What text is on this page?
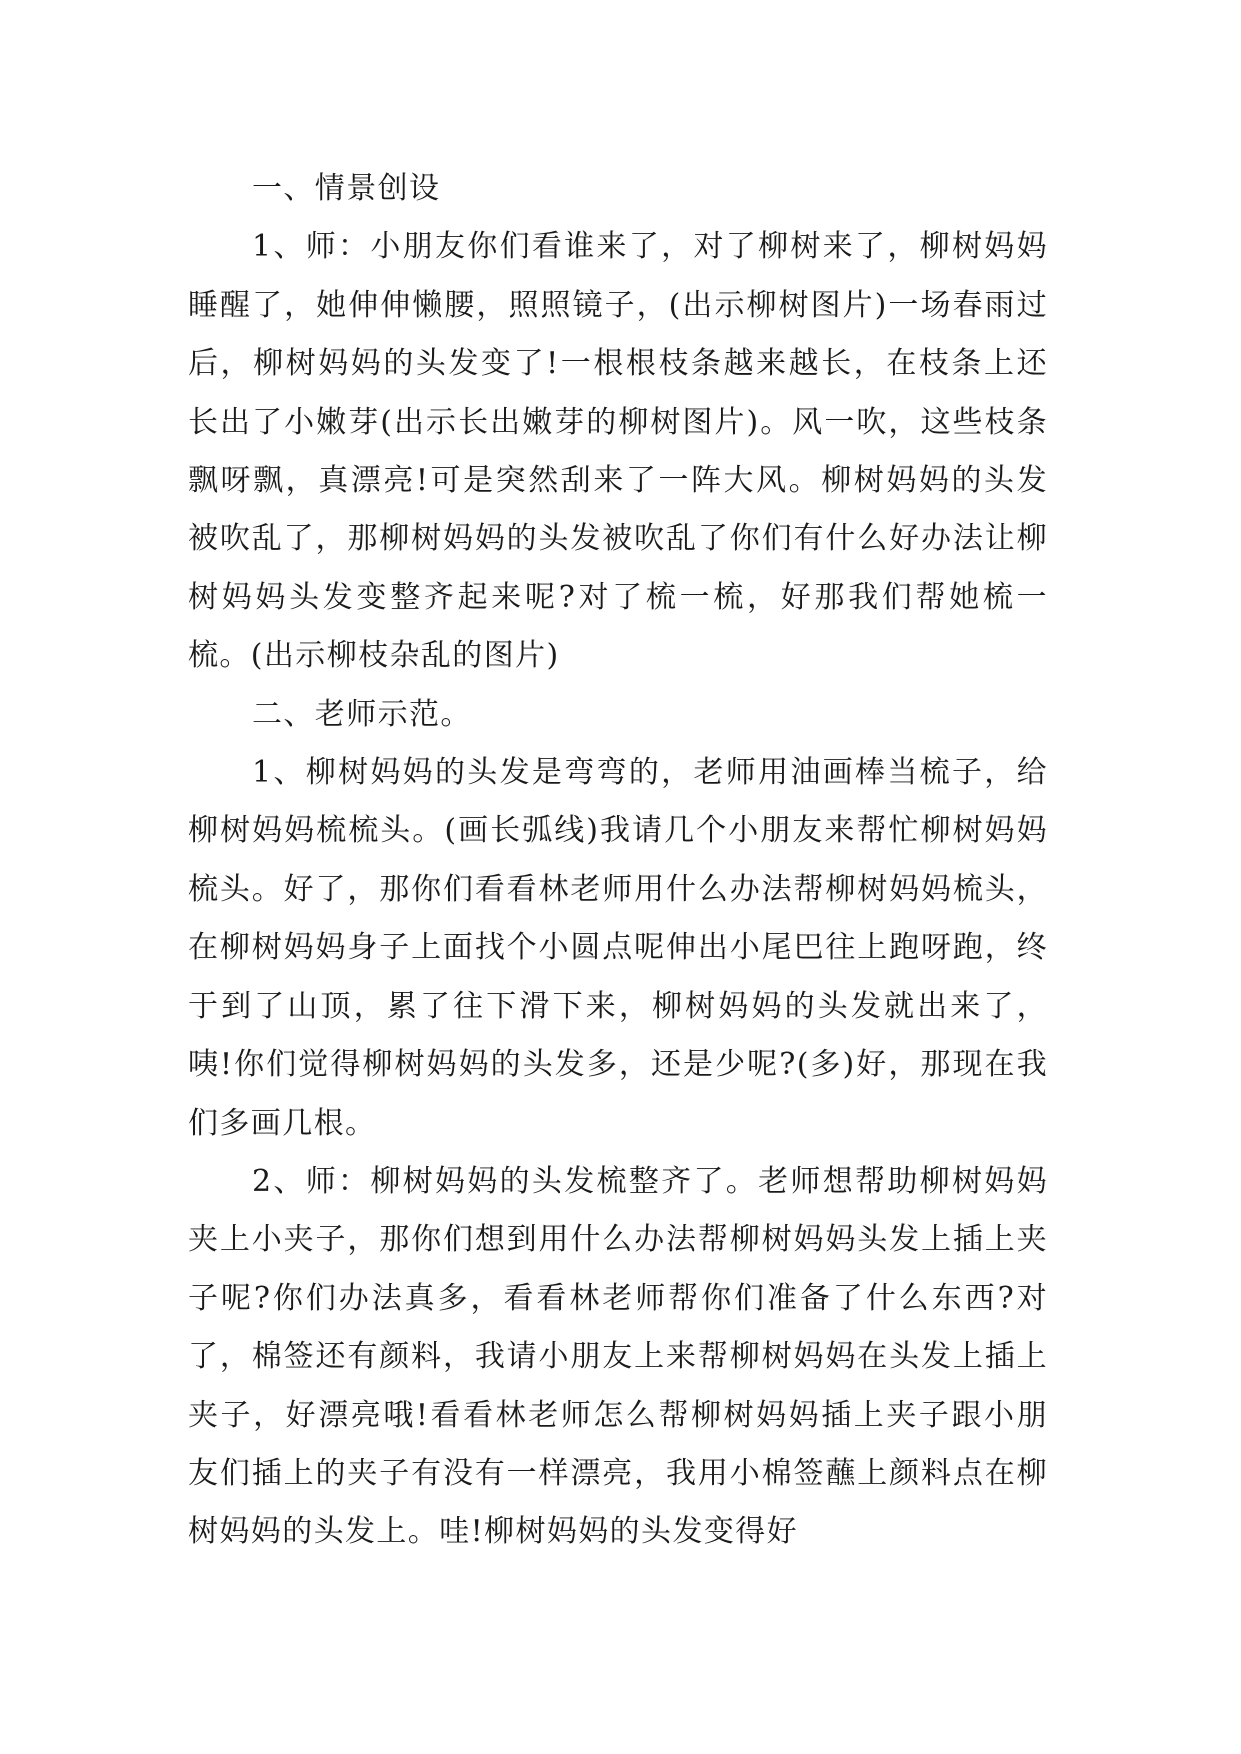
一、情景创设

1、师：小朋友你们看谁来了，对了柳树来了，柳树妈妈睡醒了，她伸伸懒腰，照照镜子，(出示柳树图片)一场春雨过后，柳树妈妈的头发变了!一根根枝条越来越长，在枝条上还长出了小嫩芽(出示长出嫩芽的柳树图片)。风一吹，这些枝条飘呀飘，真漂亮!可是突然刮来了一阵大风。柳树妈妈的头发被吹乱了，那柳树妈妈的头发被吹乱了你们有什么好办法让柳树妈妈头发变整齐起来呢?对了梳一梳，好那我们帮她梳一梳。(出示柳枝杂乱的图片)

二、老师示范。

1、柳树妈妈的头发是弯弯的，老师用油画棒当梳子，给柳树妈妈梳梳头。(画长弧线)我请几个小朋友来帮忙柳树妈妈梳头。好了，那你们看看林老师用什么办法帮柳树妈妈梳头，在柳树妈妈身子上面找个小圆点呢伸出小尾巴往上跑呀跑，终于到了山顶，累了往下滑下来，柳树妈妈的头发就出来了，咦!你们觉得柳树妈妈的头发多，还是少呢?(多)好，那现在我们多画几根。

2、师：柳树妈妈的头发梳整齐了。老师想帮助柳树妈妈夹上小夹子，那你们想到用什么办法帮柳树妈妈头发上插上夹子呢?你们办法真多，看看林老师帮你们准备了什么东西?对了，棉签还有颜料，我请小朋友上来帮柳树妈妈在头发上插上夹子，好漂亮哦!看看林老师怎么帮柳树妈妈插上夹子跟小朋友们插上的夹子有没有一样漂亮，我用小棉签蘸上颜料点在柳树妈妈的头发上。哇!柳树妈妈的头发变得好
